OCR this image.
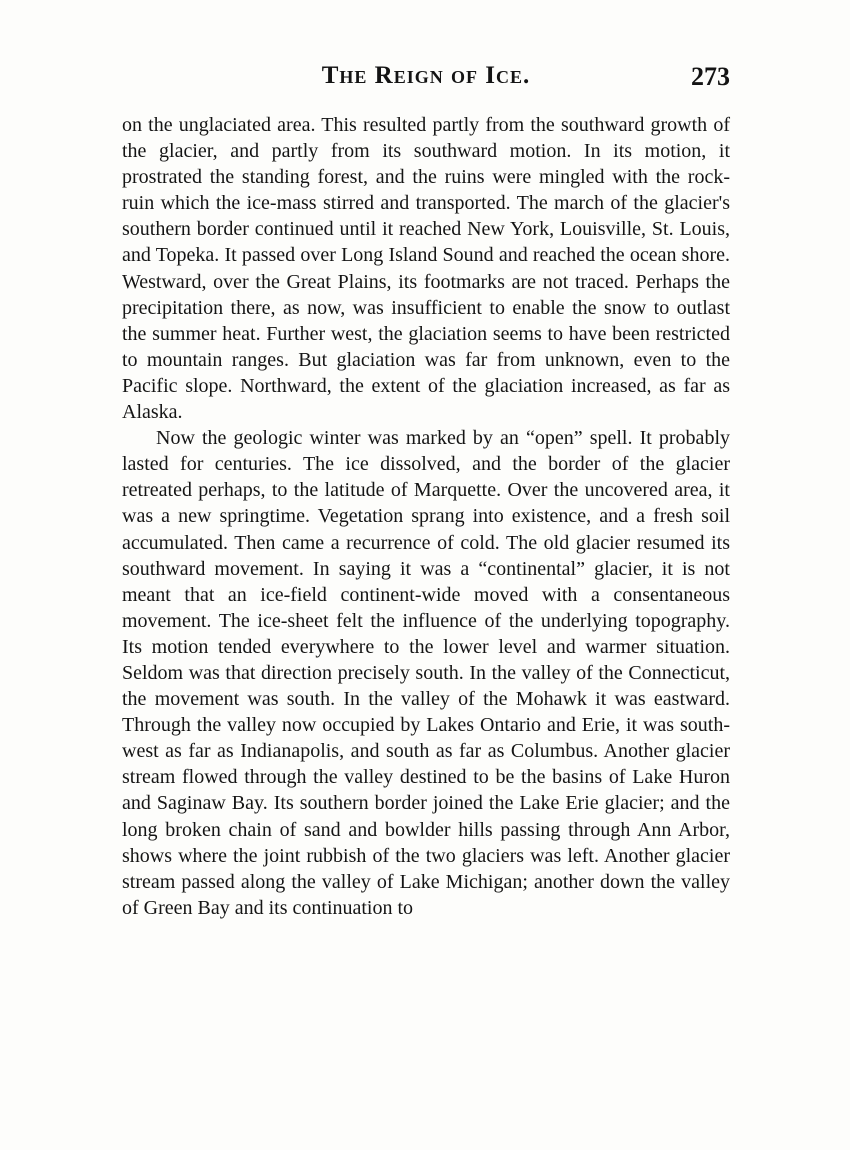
The Reign of Ice.	273

on the unglaciated area. This resulted partly from the southward growth of the glacier, and partly from its southward motion. In its motion, it prostrated the standing forest, and the ruins were mingled with the rock-ruin which the ice-mass stirred and transported. The march of the glacier's southern border continued until it reached New York, Louisville, St. Louis, and Topeka. It passed over Long Island Sound and reached the ocean shore. Westward, over the Great Plains, its footmarks are not traced. Perhaps the precipitation there, as now, was insufficient to enable the snow to outlast the summer heat. Further west, the glaciation seems to have been restricted to mountain ranges. But glaciation was far from unknown, even to the Pacific slope. Northward, the extent of the glaciation increased, as far as Alaska.

Now the geologic winter was marked by an “open” spell. It probably lasted for centuries. The ice dissolved, and the border of the glacier retreated perhaps, to the latitude of Marquette. Over the uncovered area, it was a new springtime. Vegetation sprang into existence, and a fresh soil accumulated. Then came a recurrence of cold. The old glacier resumed its southward movement. In saying it was a “continental” glacier, it is not meant that an ice-field continent-wide moved with a consentaneous movement. The ice-sheet felt the influence of the underlying topography. Its motion tended everywhere to the lower level and warmer situation. Seldom was that direction precisely south. In the valley of the Connecticut, the movement was south. In the valley of the Mohawk it was eastward. Through the valley now occupied by Lakes Ontario and Erie, it was south-west as far as Indianapolis, and south as far as Columbus. Another glacier stream flowed through the valley destined to be the basins of Lake Huron and Saginaw Bay. Its southern border joined the Lake Erie glacier; and the long broken chain of sand and bowlder hills passing through Ann Arbor, shows where the joint rubbish of the two glaciers was left. Another glacier stream passed along the valley of Lake Michigan; another down the valley of Green Bay and its continuation to
